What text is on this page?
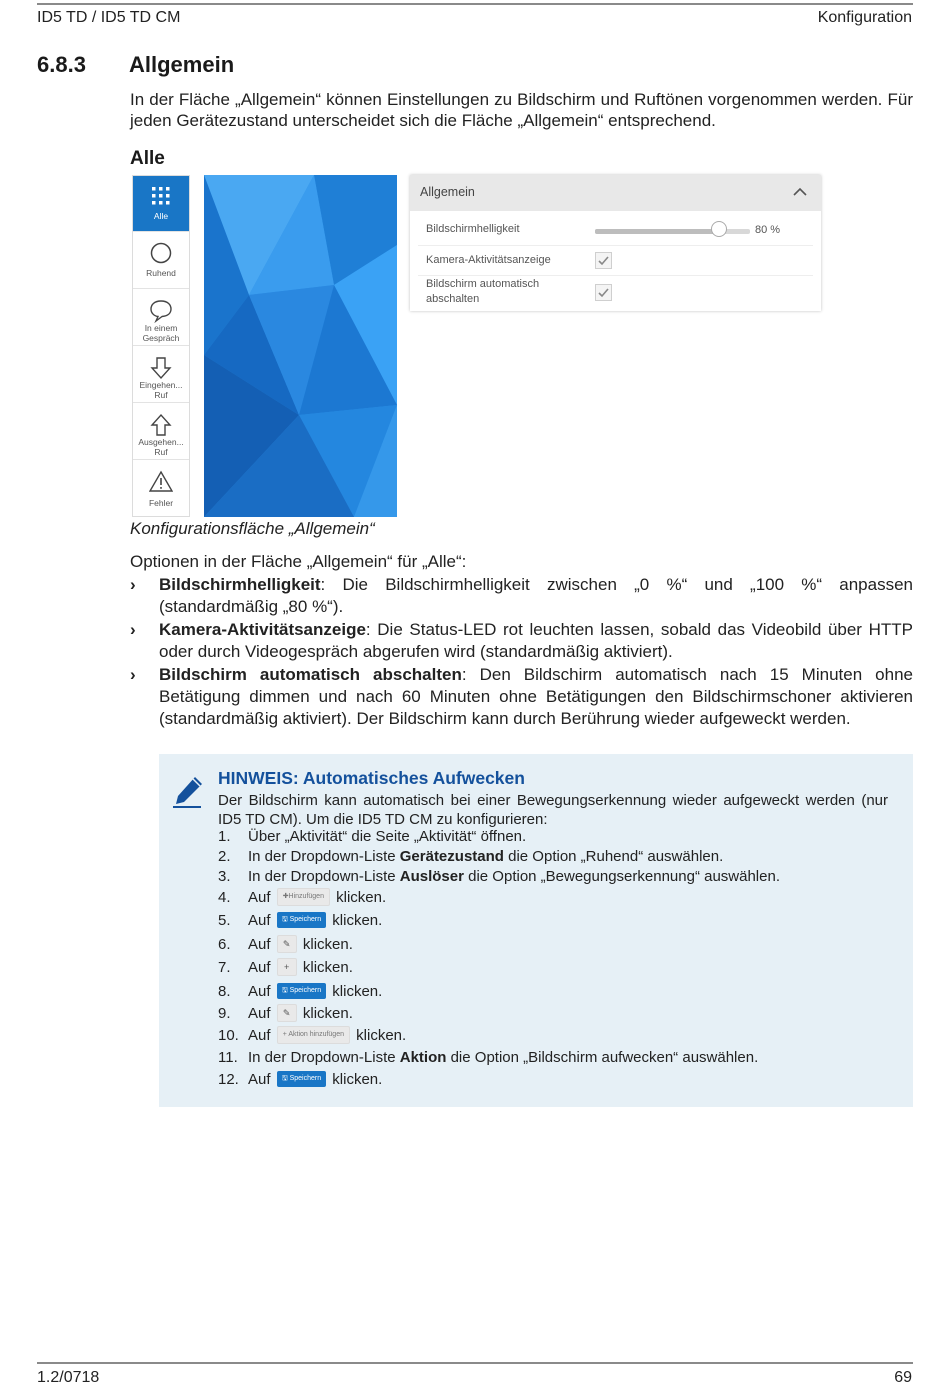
ID5 TD / ID5 TD CM	Konfiguration
6.8.3 Allgemein
In der Fläche „Allgemein“ können Einstellungen zu Bildschirm und Ruftönen vorgenommen werden. Für jeden Gerätezustand unterscheidet sich die Fläche „Allgemein“ entsprechend.
Alle
Alle
Ruhend
In einem Gespräch
Eingehen... Ruf
Ausgehen... Ruf
Fehler
Allgemein
Bildschirmhelligkeit	80 %
Kamera-Aktivitätsanzeige
Bildschirm automatisch abschalten
Konfigurationsfläche „Allgemein“
Optionen in der Fläche „Allgemein“ für „Alle“:
› Bildschirmhelligkeit: Die Bildschirmhelligkeit zwischen „0 %“ und „100 %“ anpassen (standardmäßig „80 %“).
› Kamera-Aktivitätsanzeige: Die Status-LED rot leuchten lassen, sobald das Videobild über HTTP oder durch Videogespräch abgerufen wird (standardmäßig aktiviert).
› Bildschirm automatisch abschalten: Den Bildschirm automatisch nach 15 Minuten ohne Betätigung dimmen und nach 60 Minuten ohne Betätigungen den Bildschirmschoner aktivieren (standardmäßig aktiviert). Der Bildschirm kann durch Berührung wieder aufgeweckt werden.
HINWEIS: Automatisches Aufwecken
Der Bildschirm kann automatisch bei einer Bewegungserkennung wieder aufgeweckt werden (nur ID5 TD CM). Um die ID5 TD CM zu konfigurieren:
1. Über „Aktivität“ die Seite „Aktivität“ öffnen.
2. In der Dropdown-Liste Gerätezustand die Option „Ruhend“ auswählen.
3. In der Dropdown-Liste Auslöser die Option „Bewegungserkennung“ auswählen.
4. Auf ✚Hinzufügen klicken.
5. Auf 🖫 Speichern klicken.
6. Auf ✎ klicken.
7. Auf + klicken.
8. Auf 🖫 Speichern klicken.
9. Auf ✎ klicken.
10. Auf + Aktion hinzufügen klicken.
11. In der Dropdown-Liste Aktion die Option „Bildschirm aufwecken“ auswählen.
12. Auf 🖫 Speichern klicken.
1.2/0718	69
